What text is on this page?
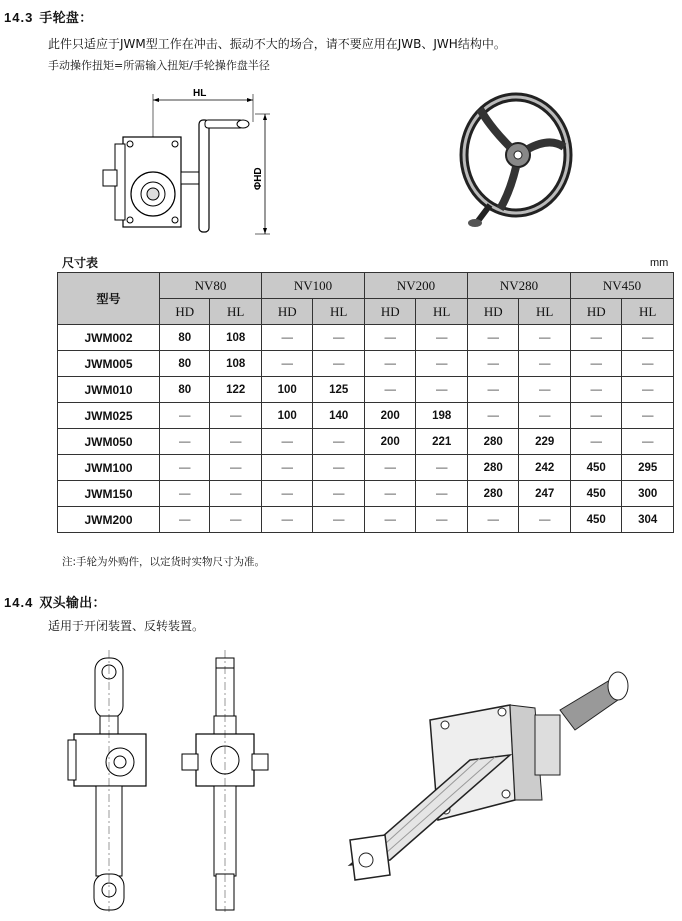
14.3 手轮盘：
此件只适应于JWM型工作在冲击、振动不大的场合，请不要应用在JWB、JWH结构中。
手动操作扭矩=所需输入扭矩/手轮操作盘半径
HL
ΦHD
尺寸表	mm
型号	NV80		NV100		NV200		NV280		NV450	
	HD	HL	HD	HL	HD	HL	HD	HL	HD	HL
JWM002	80	108	—	—	—	—	—	—	—	—
JWM005	80	108	—	—	—	—	—	—	—	—
JWM010	80	122	100	125	—	—	—	—	—	—
JWM025	—	—	100	140	200	198	—	—	—	—
JWM050	—	—	—	—	200	221	280	229	—	—
JWM100	—	—	—	—	—	—	280	242	450	295
JWM150	—	—	—	—	—	—	280	247	450	300
JWM200	—	—	—	—	—	—	—	—	450	304
注:手轮为外购件，以定货时实物尺寸为准。
14.4 双头输出：
适用于开闭装置、反转装置。
